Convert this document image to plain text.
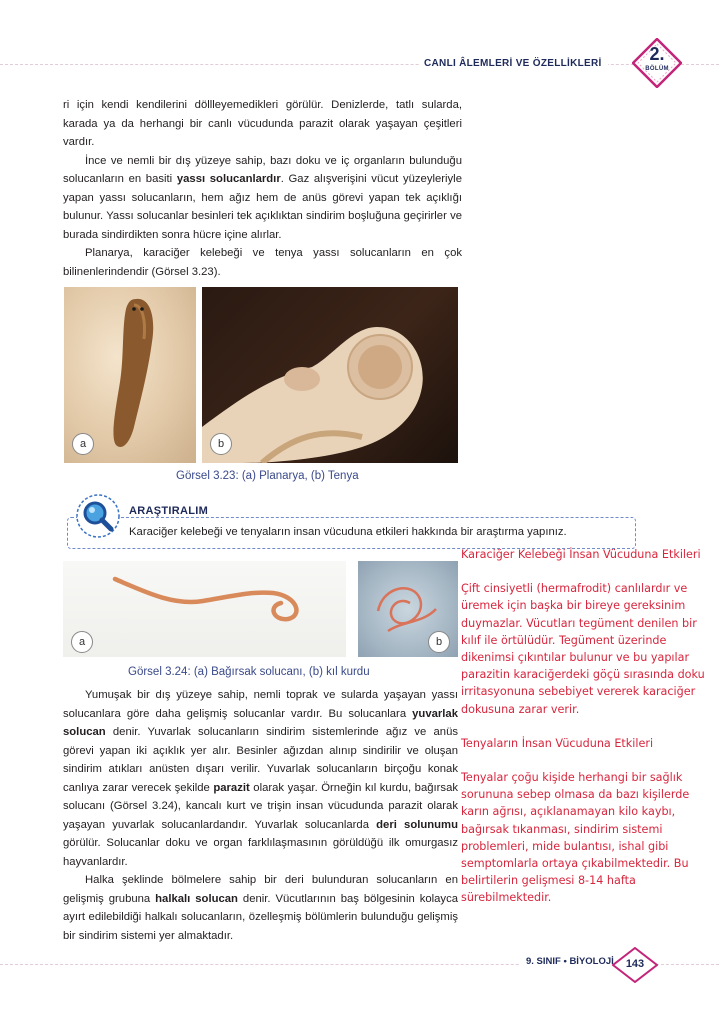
CANLI ÂLEMLERİ VE ÖZELLİKLERİ	2.
BÖLÜM

ri için kendi kendilerini döllleyemedikleri görülür. Denizlerde, tatlı sularda, karada ya da herhangi bir canlı vücudunda parazit olarak yaşayan çeşitleri vardır.

İnce ve nemli bir dış yüzeye sahip, bazı doku ve iç organların bulunduğu solucanların en basiti yassı solucanlardır. Gaz alışverişini vücut yüzeyleriyle yapan yassı solucanların, hem ağız hem de anüs görevi yapan tek açıklığı bulunur. Yassı solucanlar besinleri tek açıklıktan sindirim boşluğuna geçirirler ve burada sindirdikten sonra hücre içine alırlar.

Planarya, karaciğer kelebeği ve tenya yassı solucanların en çok bilinenlerindendir (Görsel 3.23).

a	b
Görsel 3.23: (a) Planarya, (b) Tenya
ARAŞTIRALIM
Karaciğer kelebeği ve tenyaların insan vücuduna etkileri hakkında bir araştırma yapınız.
a	b
Görsel 3.24: (a) Bağırsak solucanı, (b) kıl kurdu

Yumuşak bir dış yüzeye sahip, nemli toprak ve sularda yaşayan yassı solucanlara göre daha gelişmiş solucanlar vardır. Bu solucanlara yuvarlak solucan denir. Yuvarlak solucanların sindirim sistemlerinde ağız ve anüs görevi yapan iki açıklık yer alır. Besinler ağızdan alınıp sindirilir ve oluşan sindirim atıkları anüsten dışarı verilir. Yuvarlak solucanların birçoğu konak canlıya zarar verecek şekilde parazit olarak yaşar. Örneğin kıl kurdu, bağırsak solucanı (Görsel 3.24), kancalı kurt ve trişin insan vücudunda parazit olarak yaşayan yuvarlak solucanlardandır. Yuvarlak solucanlarda deri solunumu görülür. Solucanlar doku ve organ farklılaşmasının görüldüğü ilk omurgasız hayvanlardır.

Halka şeklinde bölmelere sahip bir deri bulunduran solucanların en gelişmiş grubuna halkalı solucan denir. Vücutlarının baş bölgesinin kolayca ayırt edilebildiği halkalı solucanların, özelleşmiş bölümlerin bulunduğu gelişmiş bir sindirim sistemi yer almaktadır.

Karaciğer Kelebeği İnsan Vücuduna Etkileri

Çift cinsiyetli (hermafrodit) canlılardır ve üremek için başka bir bireye gereksinim duymazlar. Vücutları tegüment denilen bir kılıf ile örtülüdür. Tegüment üzerinde dikenimsi çıkıntılar bulunur ve bu yapılar parazitin karaciğerdeki göçü sırasında doku irritasyonuna sebebiyet vererek karaciğer dokusuna zarar verir.

Tenyaların İnsan Vücuduna Etkileri

Tenyalar çoğu kişide herhangi bir sağlık sorununa sebep olmasa da bazı kişilerde karın ağrısı, açıklanamayan kilo kaybı, bağırsak tıkanması, sindirim sistemi problemleri, mide bulantısı, ishal gibi semptomlarla ortaya çıkabilmektedir. Bu belirtilerin gelişmesi 8-14 hafta sürebilmektedir.

9. SINIF • BİYOLOJİ	143
